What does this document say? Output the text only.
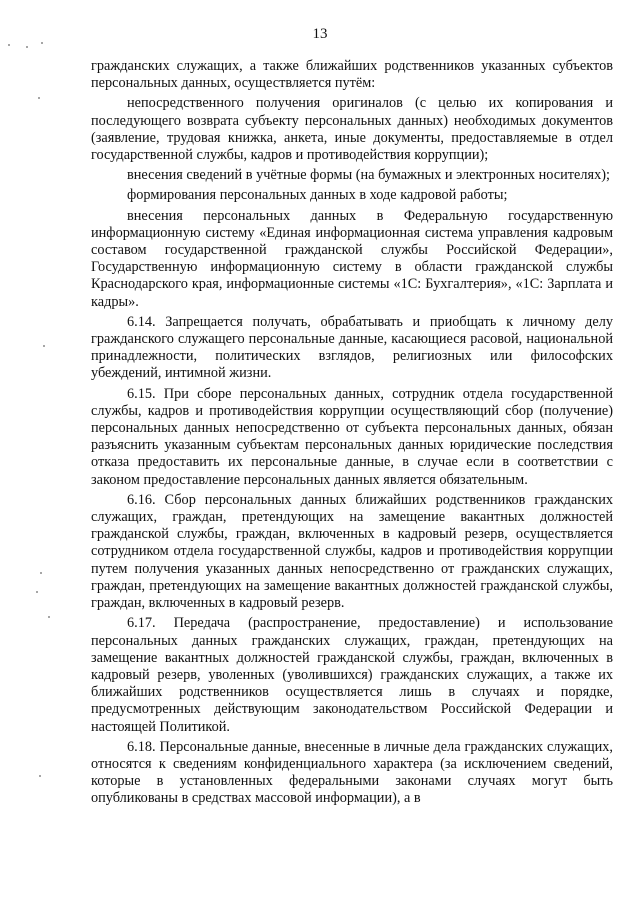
13

гражданских служащих, а также ближайших родственников указанных субъектов персональных данных, осуществляется путём:

непосредственного получения оригиналов (с целью их копирования и последующего возврата субъекту персональных данных) необходимых документов (заявление, трудовая книжка, анкета, иные документы, предоставляемые в отдел государственной службы, кадров и противодействия коррупции);

внесения сведений в учётные формы (на бумажных и электронных носителях);

формирования персональных данных в ходе кадровой работы;

внесения персональных данных в Федеральную государственную информационную систему «Единая информационная система управления кадровым составом государственной гражданской службы Российской Федерации», Государственную информационную систему в области гражданской службы Краснодарского края, информационные системы «1С: Бухгалтерия», «1С: Зарплата и кадры».

6.14. Запрещается получать, обрабатывать и приобщать к личному делу гражданского служащего персональные данные, касающиеся расовой, национальной принадлежности, политических взглядов, религиозных или философских убеждений, интимной жизни.

6.15. При сборе персональных данных, сотрудник отдела государственной службы, кадров и противодействия коррупции осуществляющий сбор (получение) персональных данных непосредственно от субъекта персональных данных, обязан разъяснить указанным субъектам персональных данных юридические последствия отказа предоставить их персональные данные, в случае если в соответствии с законом предоставление персональных данных является обязательным.

6.16. Сбор персональных данных ближайших родственников гражданских служащих, граждан, претендующих на замещение вакантных должностей гражданской службы, граждан, включенных в кадровый резерв, осуществляется сотрудником отдела государственной службы, кадров и противодействия коррупции путем получения указанных данных непосредственно от гражданских служащих, граждан, претендующих на замещение вакантных должностей гражданской службы, граждан, включенных в кадровый резерв.

6.17. Передача (распространение, предоставление) и использование персональных данных гражданских служащих, граждан, претендующих на замещение вакантных должностей гражданской службы, граждан, включенных в кадровый резерв, уволенных (уволившихся) гражданских служащих, а также их ближайших родственников осуществляется лишь в случаях и порядке, предусмотренных действующим законодательством Российской Федерации и настоящей Политикой.

6.18. Персональные данные, внесенные в личные дела гражданских служащих, относятся к сведениям конфиденциального характера (за исключением сведений, которые в установленных федеральными законами случаях могут быть опубликованы в средствах массовой информации), а в
